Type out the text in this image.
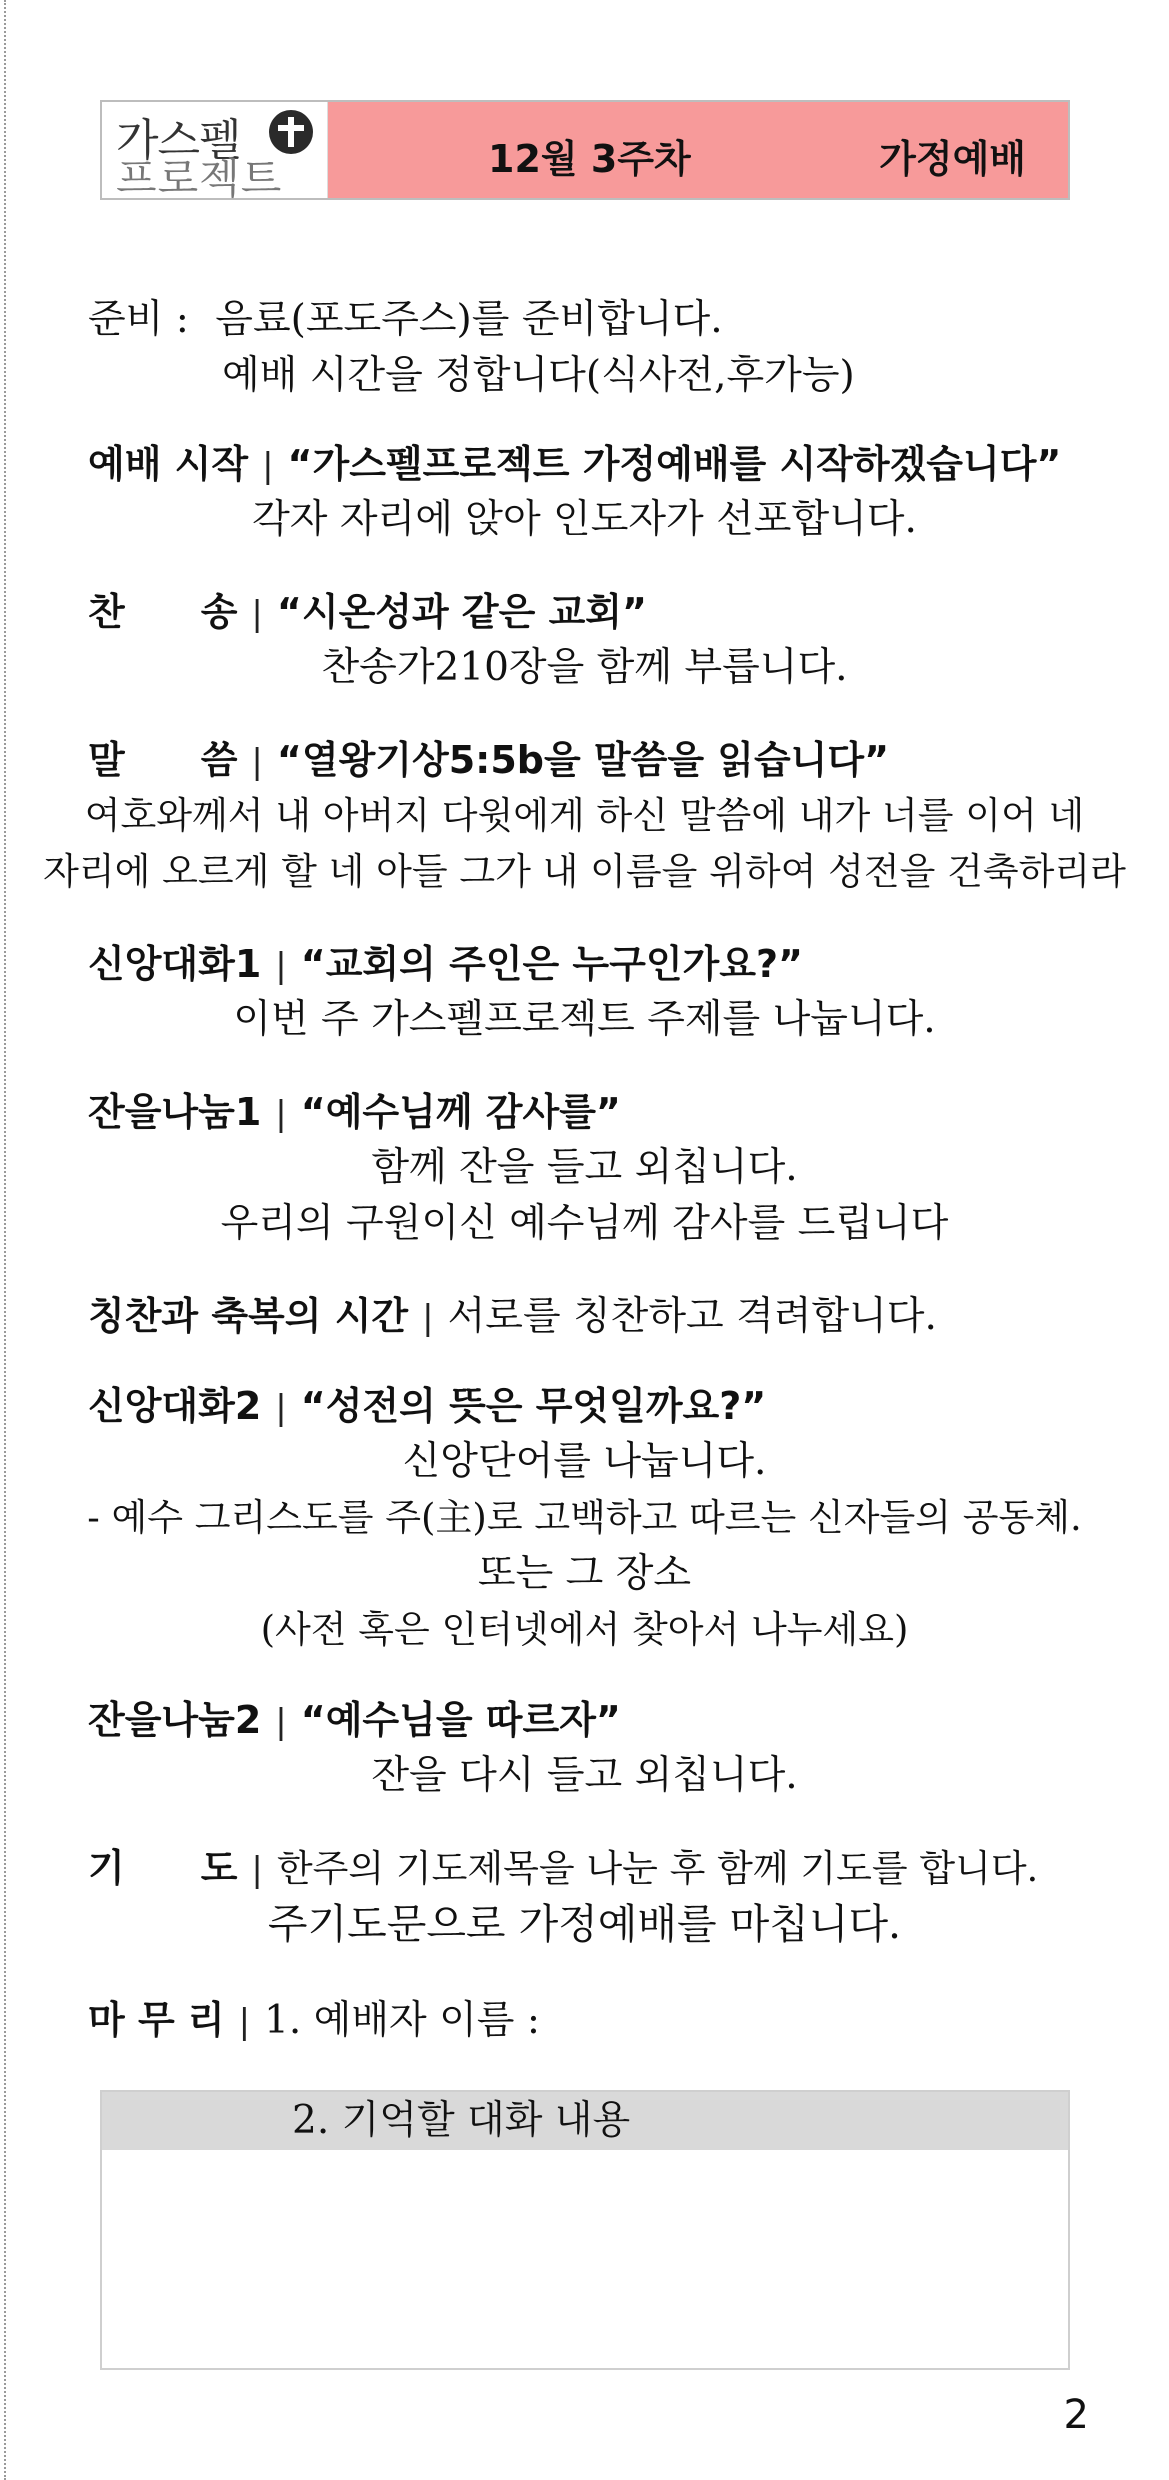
가스펠
프로젝트	12월 3주차	가정예배
준비 : 음료(포도주스)를 준비합니다.
예배 시간을 정합니다(식사전,후가능)
예배 시작 | “가스펠프로젝트 가정예배를 시작하겠습니다”
각자 자리에 앉아 인도자가 선포합니다.
찬　　송 | “시온성과 같은 교회”
찬송가210장을 함께 부릅니다.
말　　씀 | “열왕기상5:5b을 말씀을 읽습니다”
여호와께서 내 아버지 다윗에게 하신 말씀에 내가 너를 이어 네
자리에 오르게 할 네 아들 그가 내 이름을 위하여 성전을 건축하리라
신앙대화1 | “교회의 주인은 누구인가요?”
이번 주 가스펠프로젝트 주제를 나눕니다.
잔을나눔1 | “예수님께 감사를”
함께 잔을 들고 외칩니다.
우리의 구원이신 예수님께 감사를 드립니다
칭찬과 축복의 시간 | 서로를 칭찬하고 격려합니다.
신앙대화2 | “성전의 뜻은 무엇일까요?”
신앙단어를 나눕니다.
- 예수 그리스도를 주(主)로 고백하고 따르는 신자들의 공동체.
또는 그 장소
(사전 혹은 인터넷에서 찾아서 나누세요)
잔을나눔2 | “예수님을 따르자”
잔을 다시 들고 외칩니다.
기　　도 | 한주의 기도제목을 나눈 후 함께 기도를 합니다.
주기도문으로 가정예배를 마칩니다.
마 무 리 | 1. 예배자 이름 :
2. 기억할 대화 내용
2
